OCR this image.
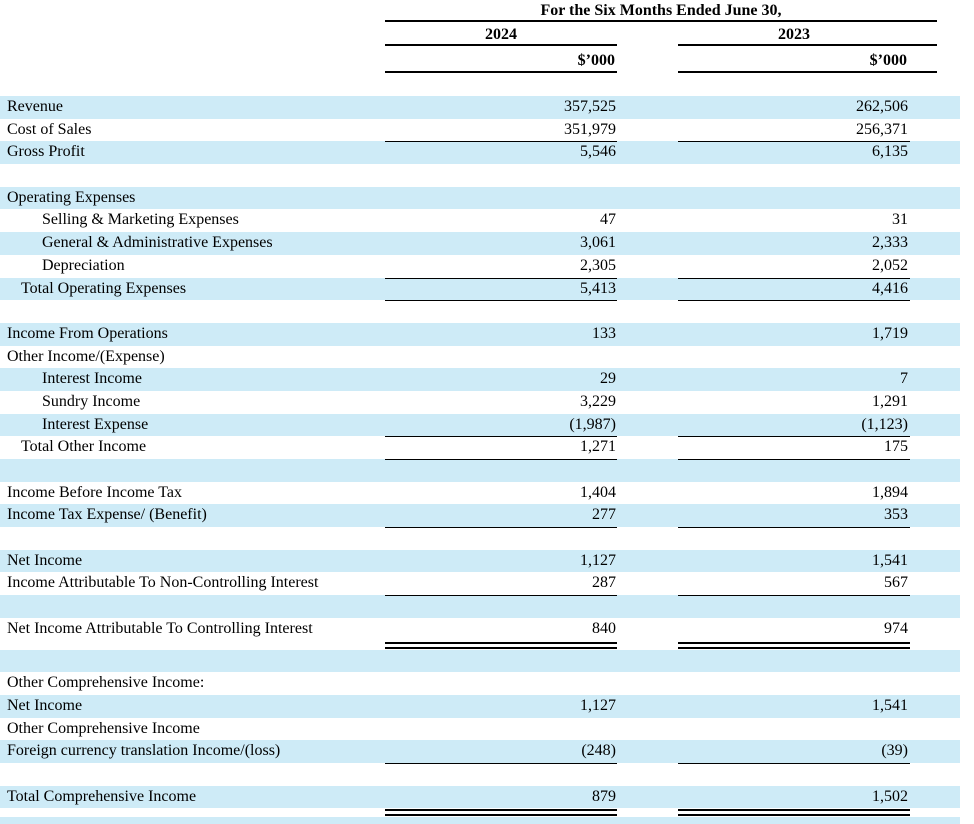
For the Six Months Ended June 30,
2024	2023
$’000	$’000
Revenue	357,525	262,506
Cost of Sales	351,979	256,371
Gross Profit	5,546	6,135
Operating Expenses
Selling & Marketing Expenses	47	31
General & Administrative Expenses	3,061	2,333
Depreciation	2,305	2,052
Total Operating Expenses	5,413	4,416
Income From Operations	133	1,719
Other Income/(Expense)
Interest Income	29	7
Sundry Income	3,229	1,291
Interest Expense	(1,987)	(1,123)
Total Other Income	1,271	175
Income Before Income Tax	1,404	1,894
Income Tax Expense/ (Benefit)	277	353
Net Income	1,127	1,541
Income Attributable To Non-Controlling Interest	287	567
Net Income Attributable To Controlling Interest	840	974
Other Comprehensive Income:
Net Income	1,127	1,541
Other Comprehensive Income
Foreign currency translation Income/(loss)	(248)	(39)
Total Comprehensive Income	879	1,502
